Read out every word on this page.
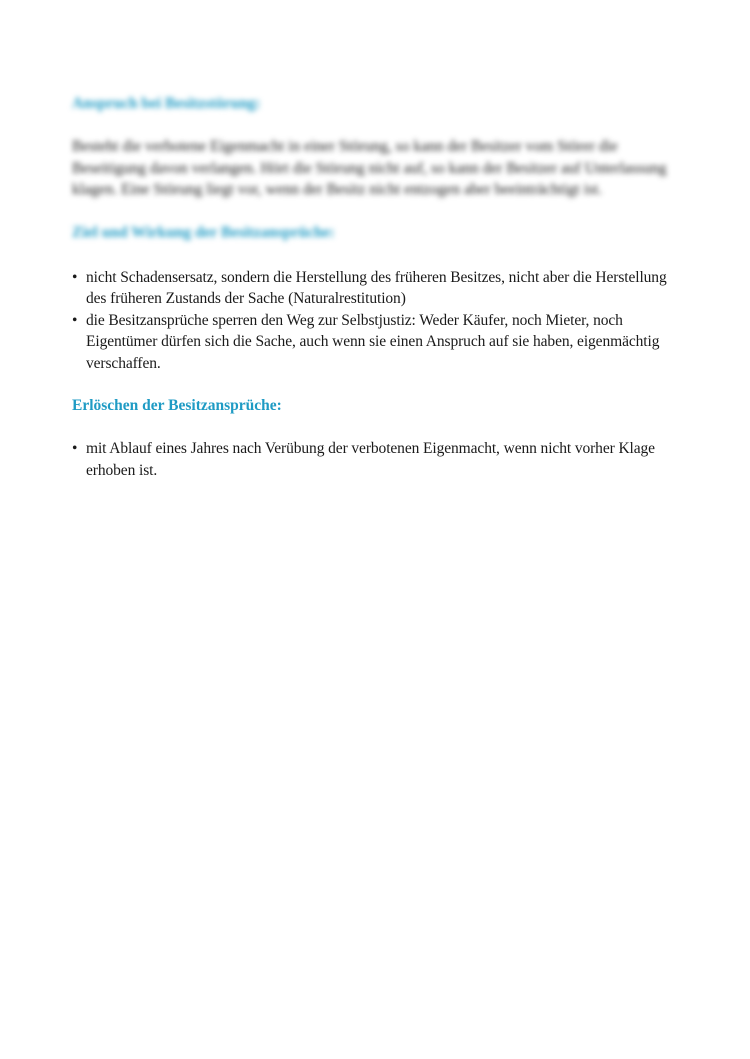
Anspruch bei Besitzstörung:

Besteht die verbotene Eigenmacht in einer Störung, so kann der Besitzer vom Störer die Beseitigung davon verlangen. Hört die Störung nicht auf, so kann der Besitzer auf Unterlassung klagen. Eine Störung liegt vor, wenn der Besitz nicht entzogen aber beeinträchtigt ist.

Ziel und Wirkung der Besitzansprüche:
• nicht Schadensersatz, sondern die Herstellung des früheren Besitzes, nicht aber die Herstellung des früheren Zustands der Sache (Naturalrestitution)
• die Besitzansprüche sperren den Weg zur Selbstjustiz: Weder Käufer, noch Mieter, noch Eigentümer dürfen sich die Sache, auch wenn sie einen Anspruch auf sie haben, eigenmächtig verschaffen.
Erlöschen der Besitzansprüche:
• mit Ablauf eines Jahres nach Verübung der verbotenen Eigenmacht, wenn nicht vorher Klage erhoben ist.
